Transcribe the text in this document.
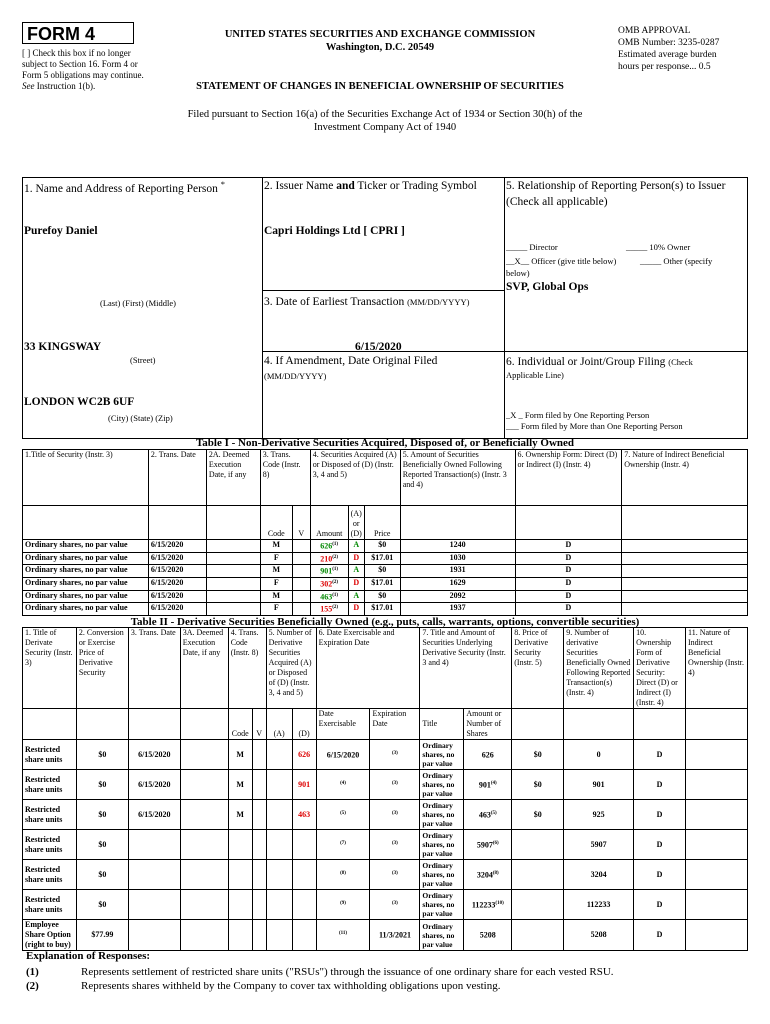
FORM 4
[ ] Check this box if no longer subject to Section 16. Form 4 or Form 5 obligations may continue. See Instruction 1(b).
UNITED STATES SECURITIES AND EXCHANGE COMMISSION
Washington, D.C. 20549
STATEMENT OF CHANGES IN BENEFICIAL OWNERSHIP OF SECURITIES
OMB APPROVAL
OMB Number: 3235-0287
Estimated average burden
hours per response... 0.5
Filed pursuant to Section 16(a) of the Securities Exchange Act of 1934 or Section 30(h) of the
Investment Company Act of 1940
1. Name and Address of Reporting Person *
Purefoy Daniel
(Last) (First) (Middle)
33 KINGSWAY
(Street)
LONDON WC2B 6UF
(City) (State) (Zip)
2. Issuer Name and Ticker or Trading Symbol
Capri Holdings Ltd [ CPRI ]
3. Date of Earliest Transaction (MM/DD/YYYY)
6/15/2020
4. If Amendment, Date Original Filed
(MM/DD/YYYY)
5. Relationship of Reporting Person(s) to Issuer
(Check all applicable)
_____ Director	_____ 10% Owner
__X__ Officer (give title below)	_____ Other (specify
below)
SVP, Global Ops
6. Individual or Joint/Group Filing (Check
Applicable Line)
_X _ Form filed by One Reporting Person
___ Form filed by More than One Reporting Person
Table I - Non-Derivative Securities Acquired, Disposed of, or Beneficially Owned
1.Title of Security (Instr. 3)	2. Trans. Date	2A. Deemed Execution Date, if any	3. Trans. Code (Instr. 8)		4. Securities Acquired (A) or Disposed of (D) (Instr. 3, 4 and 5)			5. Amount of Securities Beneficially Owned Following Reported Transaction(s) (Instr. 3 and 4)	6. Ownership Form: Direct (D) or Indirect (I) (Instr. 4)	7. Nature of Indirect Beneficial Ownership (Instr. 4)
			Code	V	Amount	(A) or (D)	Price			
Ordinary shares, no par value	6/15/2020		M		626$^{(1)}$	A	$0	1240	D	
Ordinary shares, no par value	6/15/2020		F		210$^{(2)}$	D	$17.01	1030	D	
Ordinary shares, no par value	6/15/2020		M		901$^{(1)}$	A	$0	1931	D	
Ordinary shares, no par value	6/15/2020		F		302$^{(2)}$	D	$17.01	1629	D	
Ordinary shares, no par value	6/15/2020		M		463$^{(1)}$	A	$0	2092	D	
Ordinary shares, no par value	6/15/2020		F		155$^{(2)}$	D	$17.01	1937	D	
Table II - Derivative Securities Beneficially Owned (e.g., puts, calls, warrants, options, convertible securities)
1. Title of Derivate Security (Instr. 3)	2. Conversion or Exercise Price of Derivative Security	3. Trans. Date	3A. Deemed Execution Date, if any	4. Trans. Code (Instr. 8)		5. Number of Derivative Securities Acquired (A) or Disposed of (D) (Instr. 3, 4 and 5)		6. Date Exercisable and Expiration Date		7. Title and Amount of Securities Underlying Derivative Security (Instr. 3 and 4)		8. Price of Derivative Security (Instr. 5)	9. Number of derivative Securities Beneficially Owned Following Reported Transaction(s) (Instr. 4)	10. Ownership Form of Derivative Security: Direct (D) or Indirect (I) (Instr. 4)	11. Nature of Indirect Beneficial Ownership (Instr. 4)
				Code	V	(A)	(D)	Date Exercisable	Expiration Date	Title	Amount or Number of Shares				
Restricted share units	$0	6/15/2020		M			626	6/15/2020	$^{(3)}$	Ordinary shares, no par value	626	$0	0	D	
Restricted share units	$0	6/15/2020		M			901	$^{(4)}$	$^{(3)}$	Ordinary shares, no par value	901$^{(4)}$	$0	901	D	
Restricted share units	$0	6/15/2020		M			463	$^{(5)}$	$^{(3)}$	Ordinary shares, no par value	463$^{(5)}$	$0	925	D	
Restricted share units	$0							$^{(7)}$	$^{(3)}$	Ordinary shares, no par value	5907$^{(6)}$		5907	D	
Restricted share units	$0							$^{(8)}$	$^{(3)}$	Ordinary shares, no par value	3204$^{(8)}$		3204	D	
Restricted share units	$0							$^{(9)}$	$^{(3)}$	Ordinary shares, no par value	112233$^{(10)}$		112233	D	
Employee Share Option (right to buy)	$77.99							$^{(11)}$	11/3/2021	Ordinary shares, no par value	5208		5208	D	
Explanation of Responses:
(1)	Represents settlement of restricted share units ("RSUs") through the issuance of one ordinary share for each vested RSU.
(2)	Represents shares withheld by the Company to cover tax withholding obligations upon vesting.
